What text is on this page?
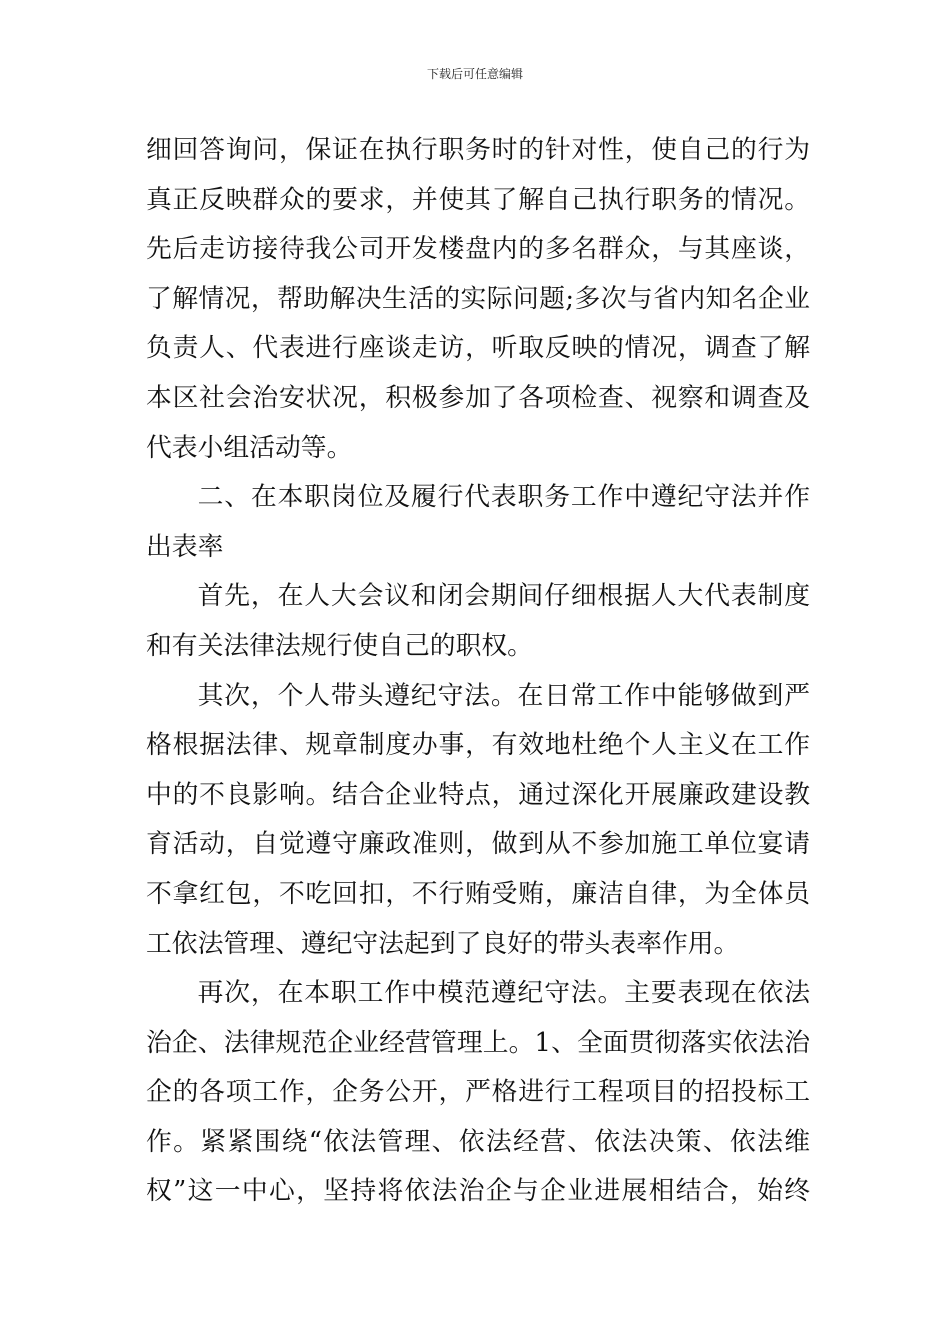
下载后可任意编辑
细回答询问，保证在执行职务时的针对性，使自己的行为
真正反映群众的要求，并使其了解自己执行职务的情况。
先后走访接待我公司开发楼盘内的多名群众，与其座谈，
了解情况，帮助解决生活的实际问题;多次与省内知名企业
负责人、代表进行座谈走访，听取反映的情况，调查了解
本区社会治安状况，积极参加了各项检查、视察和调查及
代表小组活动等。
二、在本职岗位及履行代表职务工作中遵纪守法并作
出表率
首先，在人大会议和闭会期间仔细根据人大代表制度
和有关法律法规行使自己的职权。
其次，个人带头遵纪守法。在日常工作中能够做到严
格根据法律、规章制度办事，有效地杜绝个人主义在工作
中的不良影响。结合企业特点，通过深化开展廉政建设教
育活动，自觉遵守廉政准则，做到从不参加施工单位宴请
不拿红包，不吃回扣，不行贿受贿，廉洁自律，为全体员
工依法管理、遵纪守法起到了良好的带头表率作用。
再次，在本职工作中模范遵纪守法。主要表现在依法
治企、法律规范企业经营管理上。1、全面贯彻落实依法治
企的各项工作，企务公开，严格进行工程项目的招投标工
作。紧紧围绕“依法管理、依法经营、依法决策、依法维
权”这一中心，坚持将依法治企与企业进展相结合，始终
